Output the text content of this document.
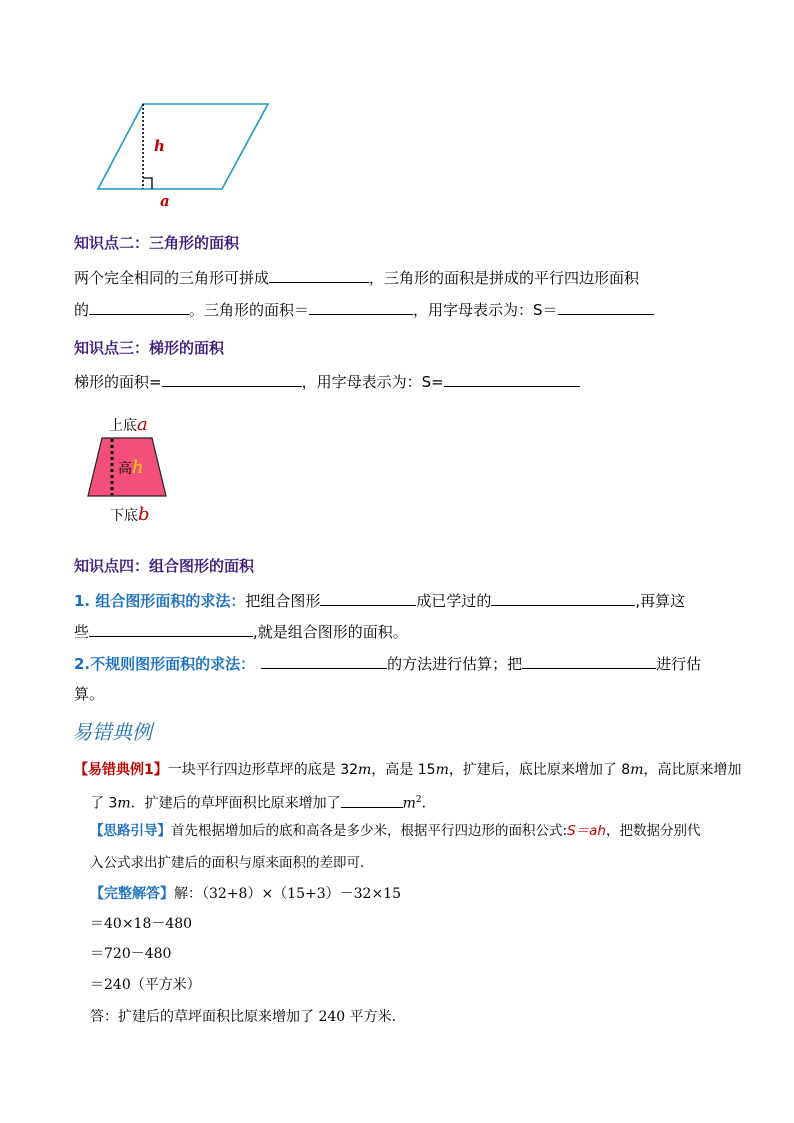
h
a
知识点二：三角形的面积
两个完全相同的三角形可拼成	，三角形的面积是拼成的平行四边形面积
的	。三角形的面积＝	，用字母表示为：S＝
知识点三：梯形的面积
梯形的面积=	，用字母表示为：S=
上底a
高h
下底b
知识点四：组合图形的面积
1. 组合图形面积的求法：把组合图形	成已学过的	,再算这
些	,就是组合图形的面积。
2.不规则图形面积的求法：	的方法进行估算；把	进行估
算。
易错典例
【易错典例1】一块平行四边形草坪的底是 32m，高是 15m，扩建后，底比原来增加了 8m，高比原来增加
了 3m．扩建后的草坪面积比原来增加了	$m^2$．
【思路引导】首先根据增加后的底和高各是多少米，根据平行四边形的面积公式:S＝ah，把数据分别代
入公式求出扩建后的面积与原来面积的差即可．
【完整解答】解：（32+8）×（15+3）－32×15
＝40×18－480
＝720－480
＝240（平方米）
答：扩建后的草坪面积比原来增加了 240 平方米．
